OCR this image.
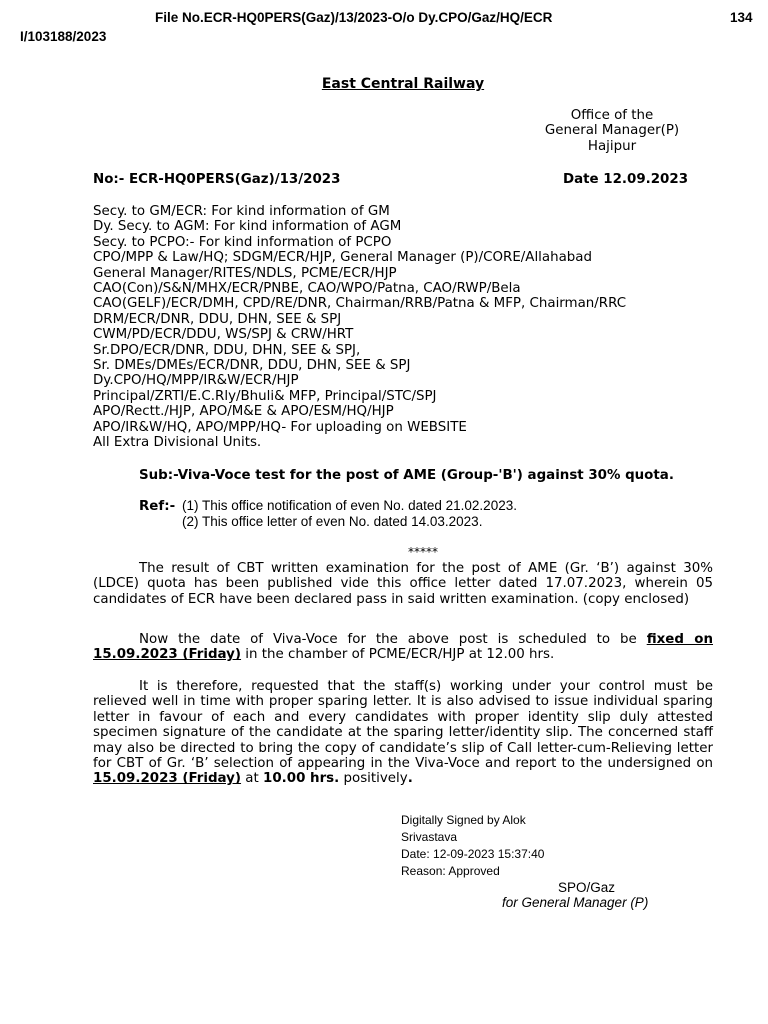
File No.ECR-HQ0PERS(Gaz)/13/2023-O/o Dy.CPO/Gaz/HQ/ECR	134
I/103188/2023
East Central Railway
Office of the
General Manager(P)
Hajipur
No:- ECR-HQ0PERS(Gaz)/13/2023	Date 12.09.2023
Secy. to GM/ECR: For kind information of GM
Dy. Secy. to AGM: For kind information of AGM
Secy. to PCPO:- For kind information of PCPO
CPO/MPP & Law/HQ; SDGM/ECR/HJP, General Manager (P)/CORE/Allahabad
General Manager/RITES/NDLS, PCME/ECR/HJP
CAO(Con)/S&N/MHX/ECR/PNBE, CAO/WPO/Patna, CAO/RWP/Bela
CAO(GELF)/ECR/DMH, CPD/RE/DNR, Chairman/RRB/Patna & MFP, Chairman/RRC
DRM/ECR/DNR, DDU, DHN, SEE & SPJ
CWM/PD/ECR/DDU, WS/SPJ & CRW/HRT
Sr.DPO/ECR/DNR, DDU, DHN, SEE & SPJ,
Sr. DMEs/DMEs/ECR/DNR, DDU, DHN, SEE & SPJ
Dy.CPO/HQ/MPP/IR&W/ECR/HJP
Principal/ZRTI/E.C.Rly/Bhuli& MFP, Principal/STC/SPJ
APO/Rectt./HJP, APO/M&E & APO/ESM/HQ/HJP
APO/IR&W/HQ, APO/MPP/HQ- For uploading on WEBSITE
All Extra Divisional Units.
Sub:-Viva-Voce test for the post of AME (Group-'B') against 30% quota.
Ref:- (1) This office notification of even No. dated 21.02.2023.
(2) This office letter of even No. dated 14.03.2023.
*****
The result of CBT written examination for the post of AME (Gr. ‘B’) against 30% (LDCE) quota has been published vide this office letter dated 17.07.2023, wherein 05 candidates of ECR have been declared pass in said written examination. (copy enclosed)
Now the date of Viva-Voce for the above post is scheduled to be fixed on 15.09.2023 (Friday) in the chamber of PCME/ECR/HJP at 12.00 hrs.
It is therefore, requested that the staff(s) working under your control must be relieved well in time with proper sparing letter. It is also advised to issue individual sparing letter in favour of each and every candidates with proper identity slip duly attested specimen signature of the candidate at the sparing letter/identity slip. The concerned staff may also be directed to bring the copy of candidate’s slip of Call letter-cum-Relieving letter for CBT of Gr. ‘B’ selection of appearing in the Viva-Voce and report to the undersigned on 15.09.2023 (Friday) at 10.00 hrs. positively.
Digitally Signed by Alok
Srivastava
Date: 12-09-2023 15:37:40
Reason: Approved
SPO/Gaz
for General Manager (P)
